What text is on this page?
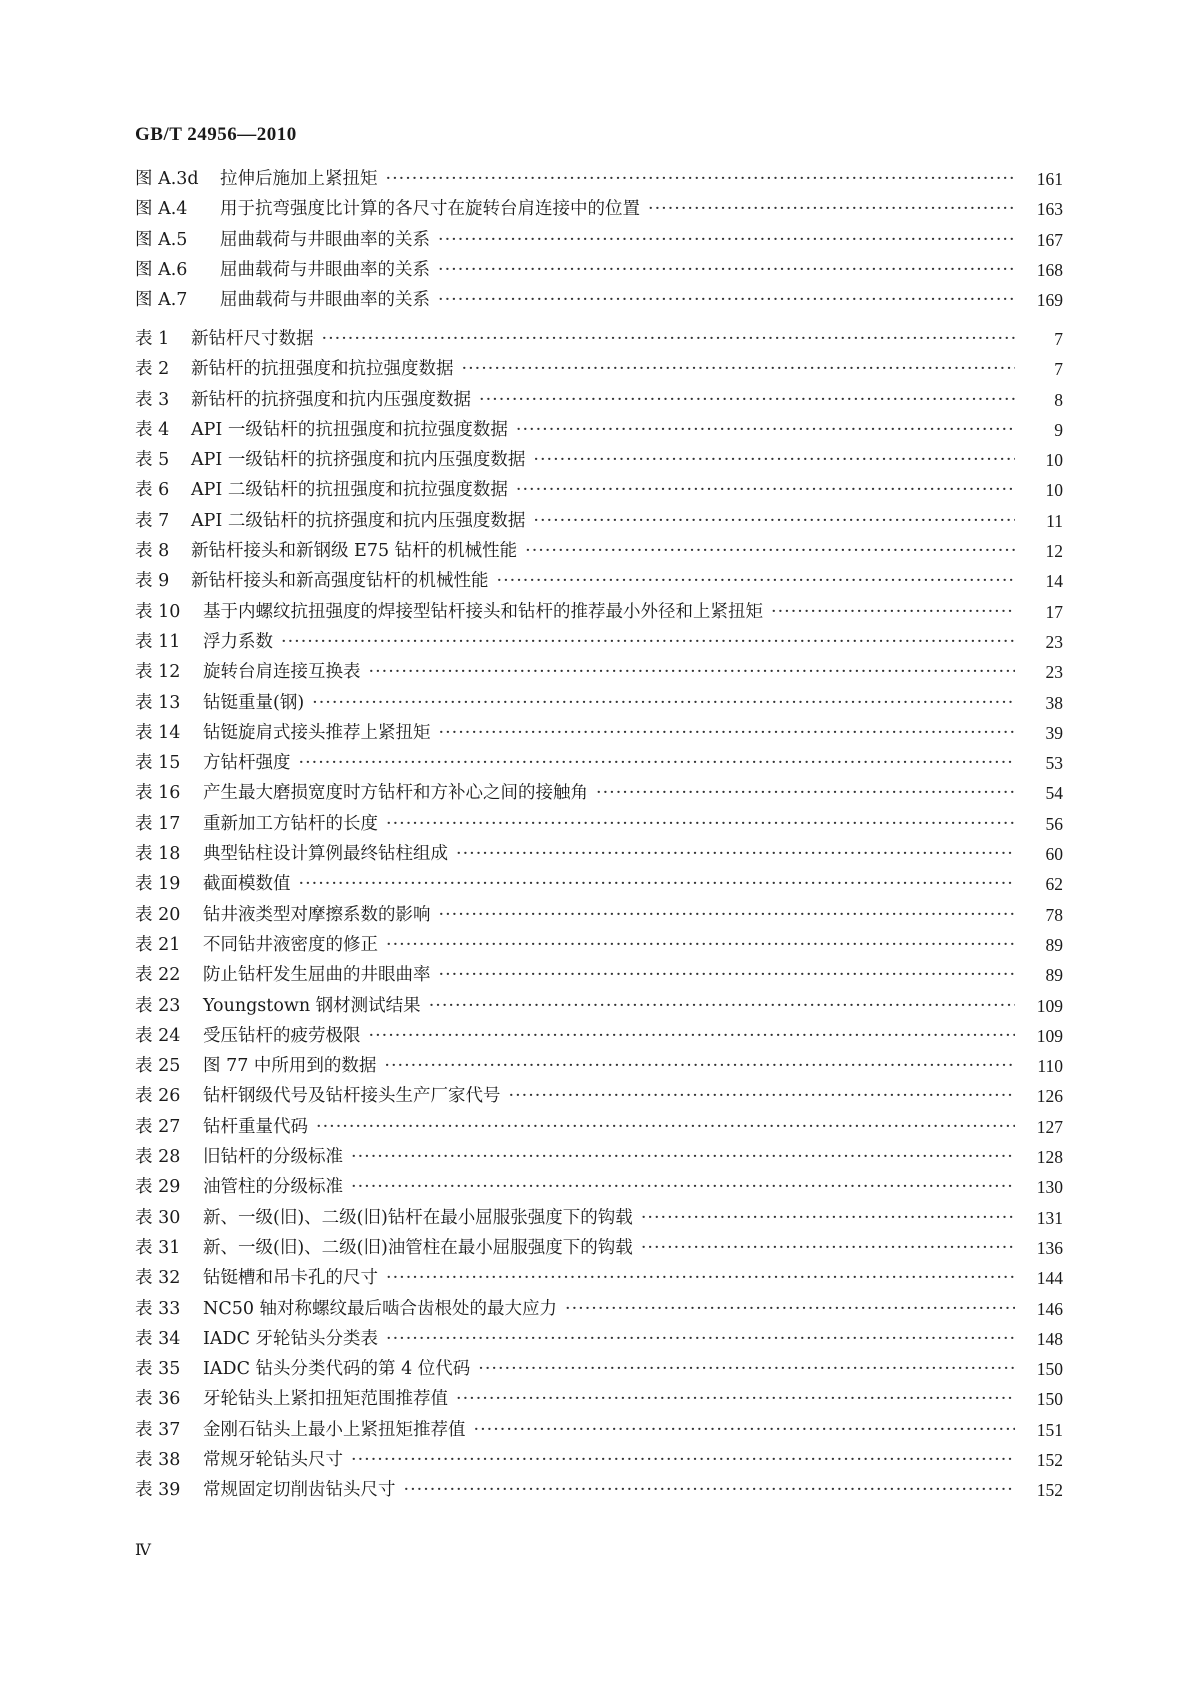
GB/T 24956—2010
图 A.3d 拉伸后施加上紧扭矩 ·····	161
图 A.4 用于抗弯强度比计算的各尺寸在旋转台肩连接中的位置 ·····	163
图 A.5 屈曲载荷与井眼曲率的关系 ·····	167
图 A.6 屈曲载荷与井眼曲率的关系 ·····	168
图 A.7 屈曲载荷与井眼曲率的关系 ·····	169
表 1 新钻杆尺寸数据 ·····	7
表 2 新钻杆的抗扭强度和抗拉强度数据 ·····	7
表 3 新钻杆的抗挤强度和抗内压强度数据 ·····	8
表 4 API 一级钻杆的抗扭强度和抗拉强度数据 ·····	9
表 5 API 一级钻杆的抗挤强度和抗内压强度数据 ·····	10
表 6 API 二级钻杆的抗扭强度和抗拉强度数据 ·····	10
表 7 API 二级钻杆的抗挤强度和抗内压强度数据 ·····	11
表 8 新钻杆接头和新钢级 E75 钻杆的机械性能 ·····	12
表 9 新钻杆接头和新高强度钻杆的机械性能 ·····	14
表 10 基于内螺纹抗扭强度的焊接型钻杆接头和钻杆的推荐最小外径和上紧扭矩 ·····	17
表 11 浮力系数 ·····	23
表 12 旋转台肩连接互换表 ·····	23
表 13 钻铤重量(钢) ·····	38
表 14 钻铤旋肩式接头推荐上紧扭矩 ·····	39
表 15 方钻杆强度 ·····	53
表 16 产生最大磨损宽度时方钻杆和方补心之间的接触角 ·····	54
表 17 重新加工方钻杆的长度 ·····	56
表 18 典型钻柱设计算例最终钻柱组成 ·····	60
表 19 截面模数值 ·····	62
表 20 钻井液类型对摩擦系数的影响 ·····	78
表 21 不同钻井液密度的修正 ·····	89
表 22 防止钻杆发生屈曲的井眼曲率 ·····	89
表 23 Youngstown 钢材测试结果 ·····	109
表 24 受压钻杆的疲劳极限 ·····	109
表 25 图 77 中所用到的数据 ·····	110
表 26 钻杆钢级代号及钻杆接头生产厂家代号 ·····	126
表 27 钻杆重量代码 ·····	127
表 28 旧钻杆的分级标准 ·····	128
表 29 油管柱的分级标准 ·····	130
表 30 新、一级(旧)、二级(旧)钻杆在最小屈服张强度下的钩载 ·····	131
表 31 新、一级(旧)、二级(旧)油管柱在最小屈服强度下的钩载 ·····	136
表 32 钻铤槽和吊卡孔的尺寸 ·····	144
表 33 NC50 轴对称螺纹最后啮合齿根处的最大应力 ·····	146
表 34 IADC 牙轮钻头分类表 ·····	148
表 35 IADC 钻头分类代码的第 4 位代码 ·····	150
表 36 牙轮钻头上紧扣扭矩范围推荐值 ·····	150
表 37 金刚石钻头上最小上紧扭矩推荐值 ·····	151
表 38 常规牙轮钻头尺寸 ·····	152
表 39 常规固定切削齿钻头尺寸 ·····	152
Ⅳ
